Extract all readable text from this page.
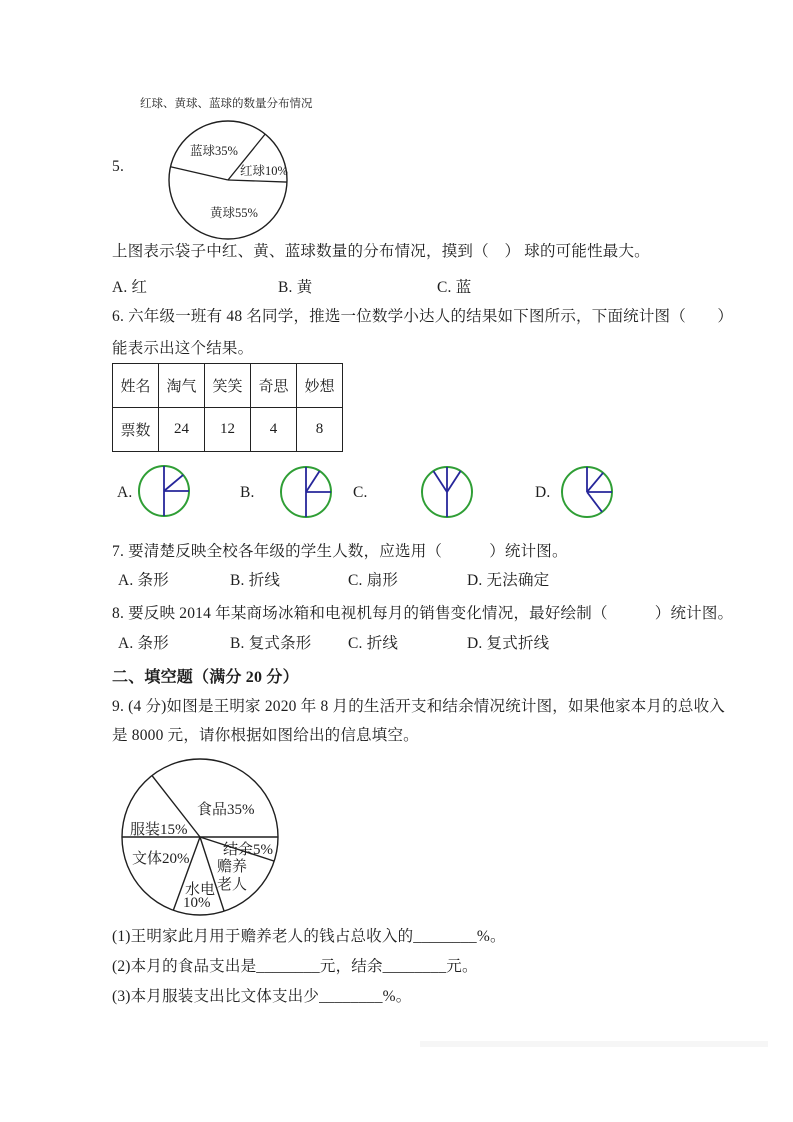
红球、黄球、蓝球的数量分布情况
5.
蓝球35%
红球10%
黄球55%
上图表示袋子中红、黄、蓝球数量的分布情况，摸到（　） 球的可能性最大。
A. 红	B. 黄	C. 蓝
6. 六年级一班有 48 名同学，推选一位数学小达人的结果如下图所示，下面统计图（　　）
能表示出这个结果。
姓名	淘气	笑笑	奇思	妙想
票数	24	12	4	8
A.	B.	C.	D.
7. 要清楚反映全校各年级的学生人数，应选用（　　　）统计图。
A. 条形	B. 折线	C. 扇形	D. 无法确定
8. 要反映 2014 年某商场冰箱和电视机每月的销售变化情况，最好绘制（　　　）统计图。
A. 条形	B. 复式条形 C. 折线	D. 复式折线
二、填空题（满分 20 分）
9. (4 分)如图是王明家 2020 年 8 月的生活开支和结余情况统计图，如果他家本月的总收入
是 8000 元，请你根据如图给出的信息填空。
食品35%
服装15%
结余5%
文体20% 赡养
老人
水电
10%
(1)王明家此月用于赡养老人的钱占总收入的________%。
(2)本月的食品支出是________元，结余________元。
(3)本月服装支出比文体支出少________%。
